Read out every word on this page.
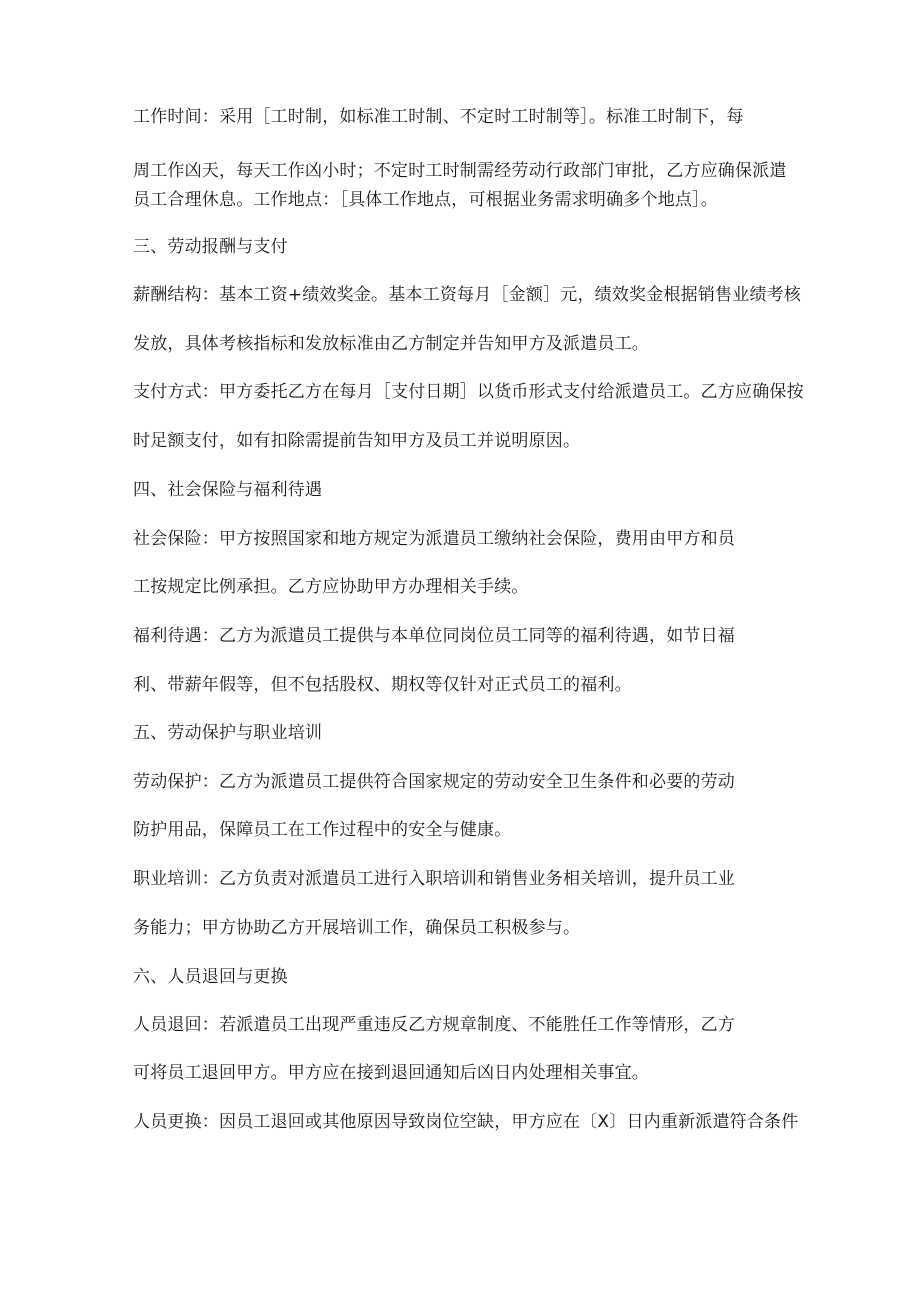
工作时间：采用［工时制，如标准工时制、不定时工时制等］。标准工时制下，每
周工作凶天，每天工作凶小时；不定时工时制需经劳动行政部门审批，乙方应确保派遣
员工合理休息。工作地点：［具体工作地点，可根据业务需求明确多个地点］。
三、劳动报酬与支付
薪酬结构：基本工资+绩效奖金。基本工资每月［金额］元，绩效奖金根据销售业绩考核
发放，具体考核指标和发放标准由乙方制定并告知甲方及派遣员工。
支付方式：甲方委托乙方在每月［支付日期］以货币形式支付给派遣员工。乙方应确保按
时足额支付，如有扣除需提前告知甲方及员工并说明原因。
四、社会保险与福利待遇
社会保险：甲方按照国家和地方规定为派遣员工缴纳社会保险，费用由甲方和员
工按规定比例承担。乙方应协助甲方办理相关手续。
福利待遇：乙方为派遣员工提供与本单位同岗位员工同等的福利待遇，如节日福
利、带薪年假等，但不包括股权、期权等仅针对正式员工的福利。
五、劳动保护与职业培训
劳动保护：乙方为派遣员工提供符合国家规定的劳动安全卫生条件和必要的劳动
防护用品，保障员工在工作过程中的安全与健康。
职业培训：乙方负责对派遣员工进行入职培训和销售业务相关培训，提升员工业
务能力；甲方协助乙方开展培训工作，确保员工积极参与。
六、人员退回与更换
人员退回：若派遣员工出现严重违反乙方规章制度、不能胜任工作等情形，乙方
可将员工退回甲方。甲方应在接到退回通知后凶日内处理相关事宜。
人员更换：因员工退回或其他原因导致岗位空缺，甲方应在〔X〕日内重新派遣符合条件
